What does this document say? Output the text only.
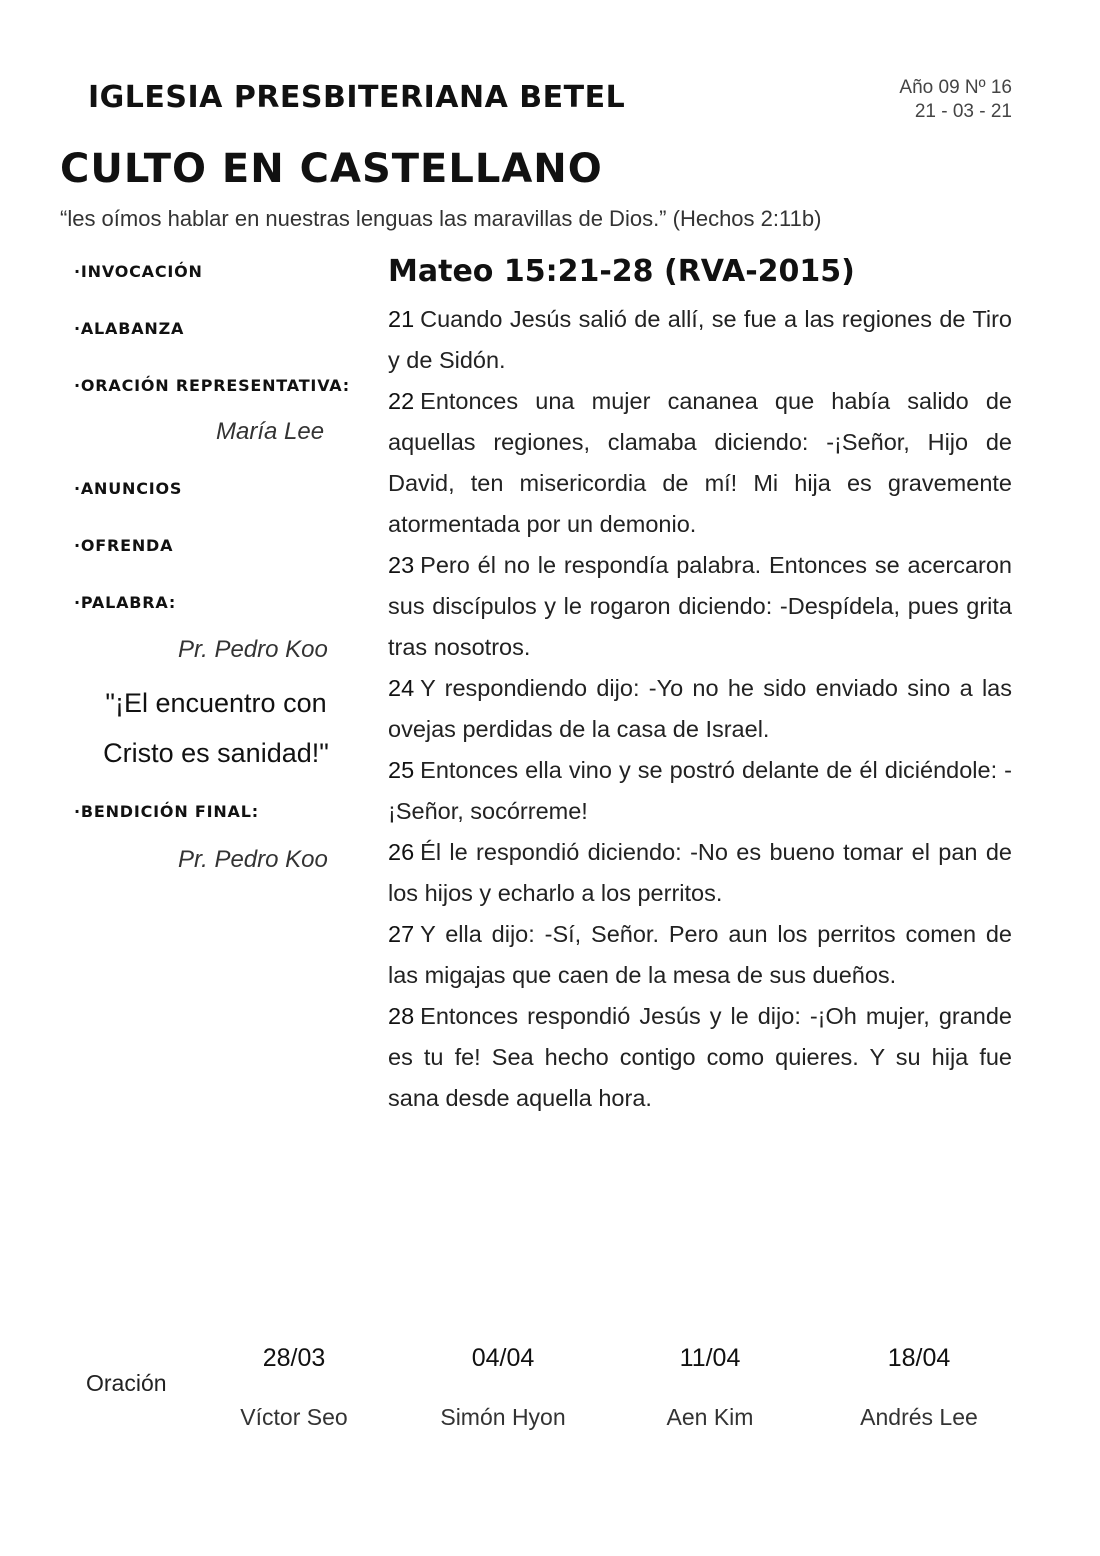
IGLESIA PRESBITERIANA BETEL	Año 09 Nº 16
21 - 03 - 21
CULTO EN CASTELLANO
“les oímos hablar en nuestras lenguas las maravillas de Dios.” (Hechos 2:11b)
·INVOCACIÓN
·ALABANZA
·ORACIÓN REPRESENTATIVA:
María Lee
·ANUNCIOS
·OFRENDA
·PALABRA:
Pr. Pedro Koo
·BENDICIÓN FINAL:
Pr. Pedro Koo
"¡El encuentro con
Cristo es sanidad!"
Mateo 15:21-28 (RVA-2015)

21 Cuando Jesús salió de allí, se fue a las regiones de Tiro y de Sidón.

22 Entonces una mujer cananea que había salido de aquellas regiones, clamaba diciendo: -¡Señor, Hijo de David, ten misericordia de mí! Mi hija es gravemente atormentada por un demonio.

23 Pero él no le respondía palabra. Entonces se acercaron sus discípulos y le rogaron diciendo: -Despídela, pues grita tras nosotros.

24 Y respondiendo dijo: -Yo no he sido enviado sino a las ovejas perdidas de la casa de Israel.

25 Entonces ella vino y se postró delante de él diciéndole: -¡Señor, socórreme!

26 Él le respondió diciendo: -No es bueno tomar el pan de los hijos y echarlo a los perritos.

27 Y ella dijo: -Sí, Señor. Pero aun los perritos comen de las migajas que caen de la mesa de sus dueños.

28 Entonces respondió Jesús y le dijo: -¡Oh mujer, grande es tu fe! Sea hecho contigo como quieres. Y su hija fue sana desde aquella hora.

Oración
28/03
Víctor Seo
04/04
Simón Hyon
11/04
Aen Kim
18/04
Andrés Lee
